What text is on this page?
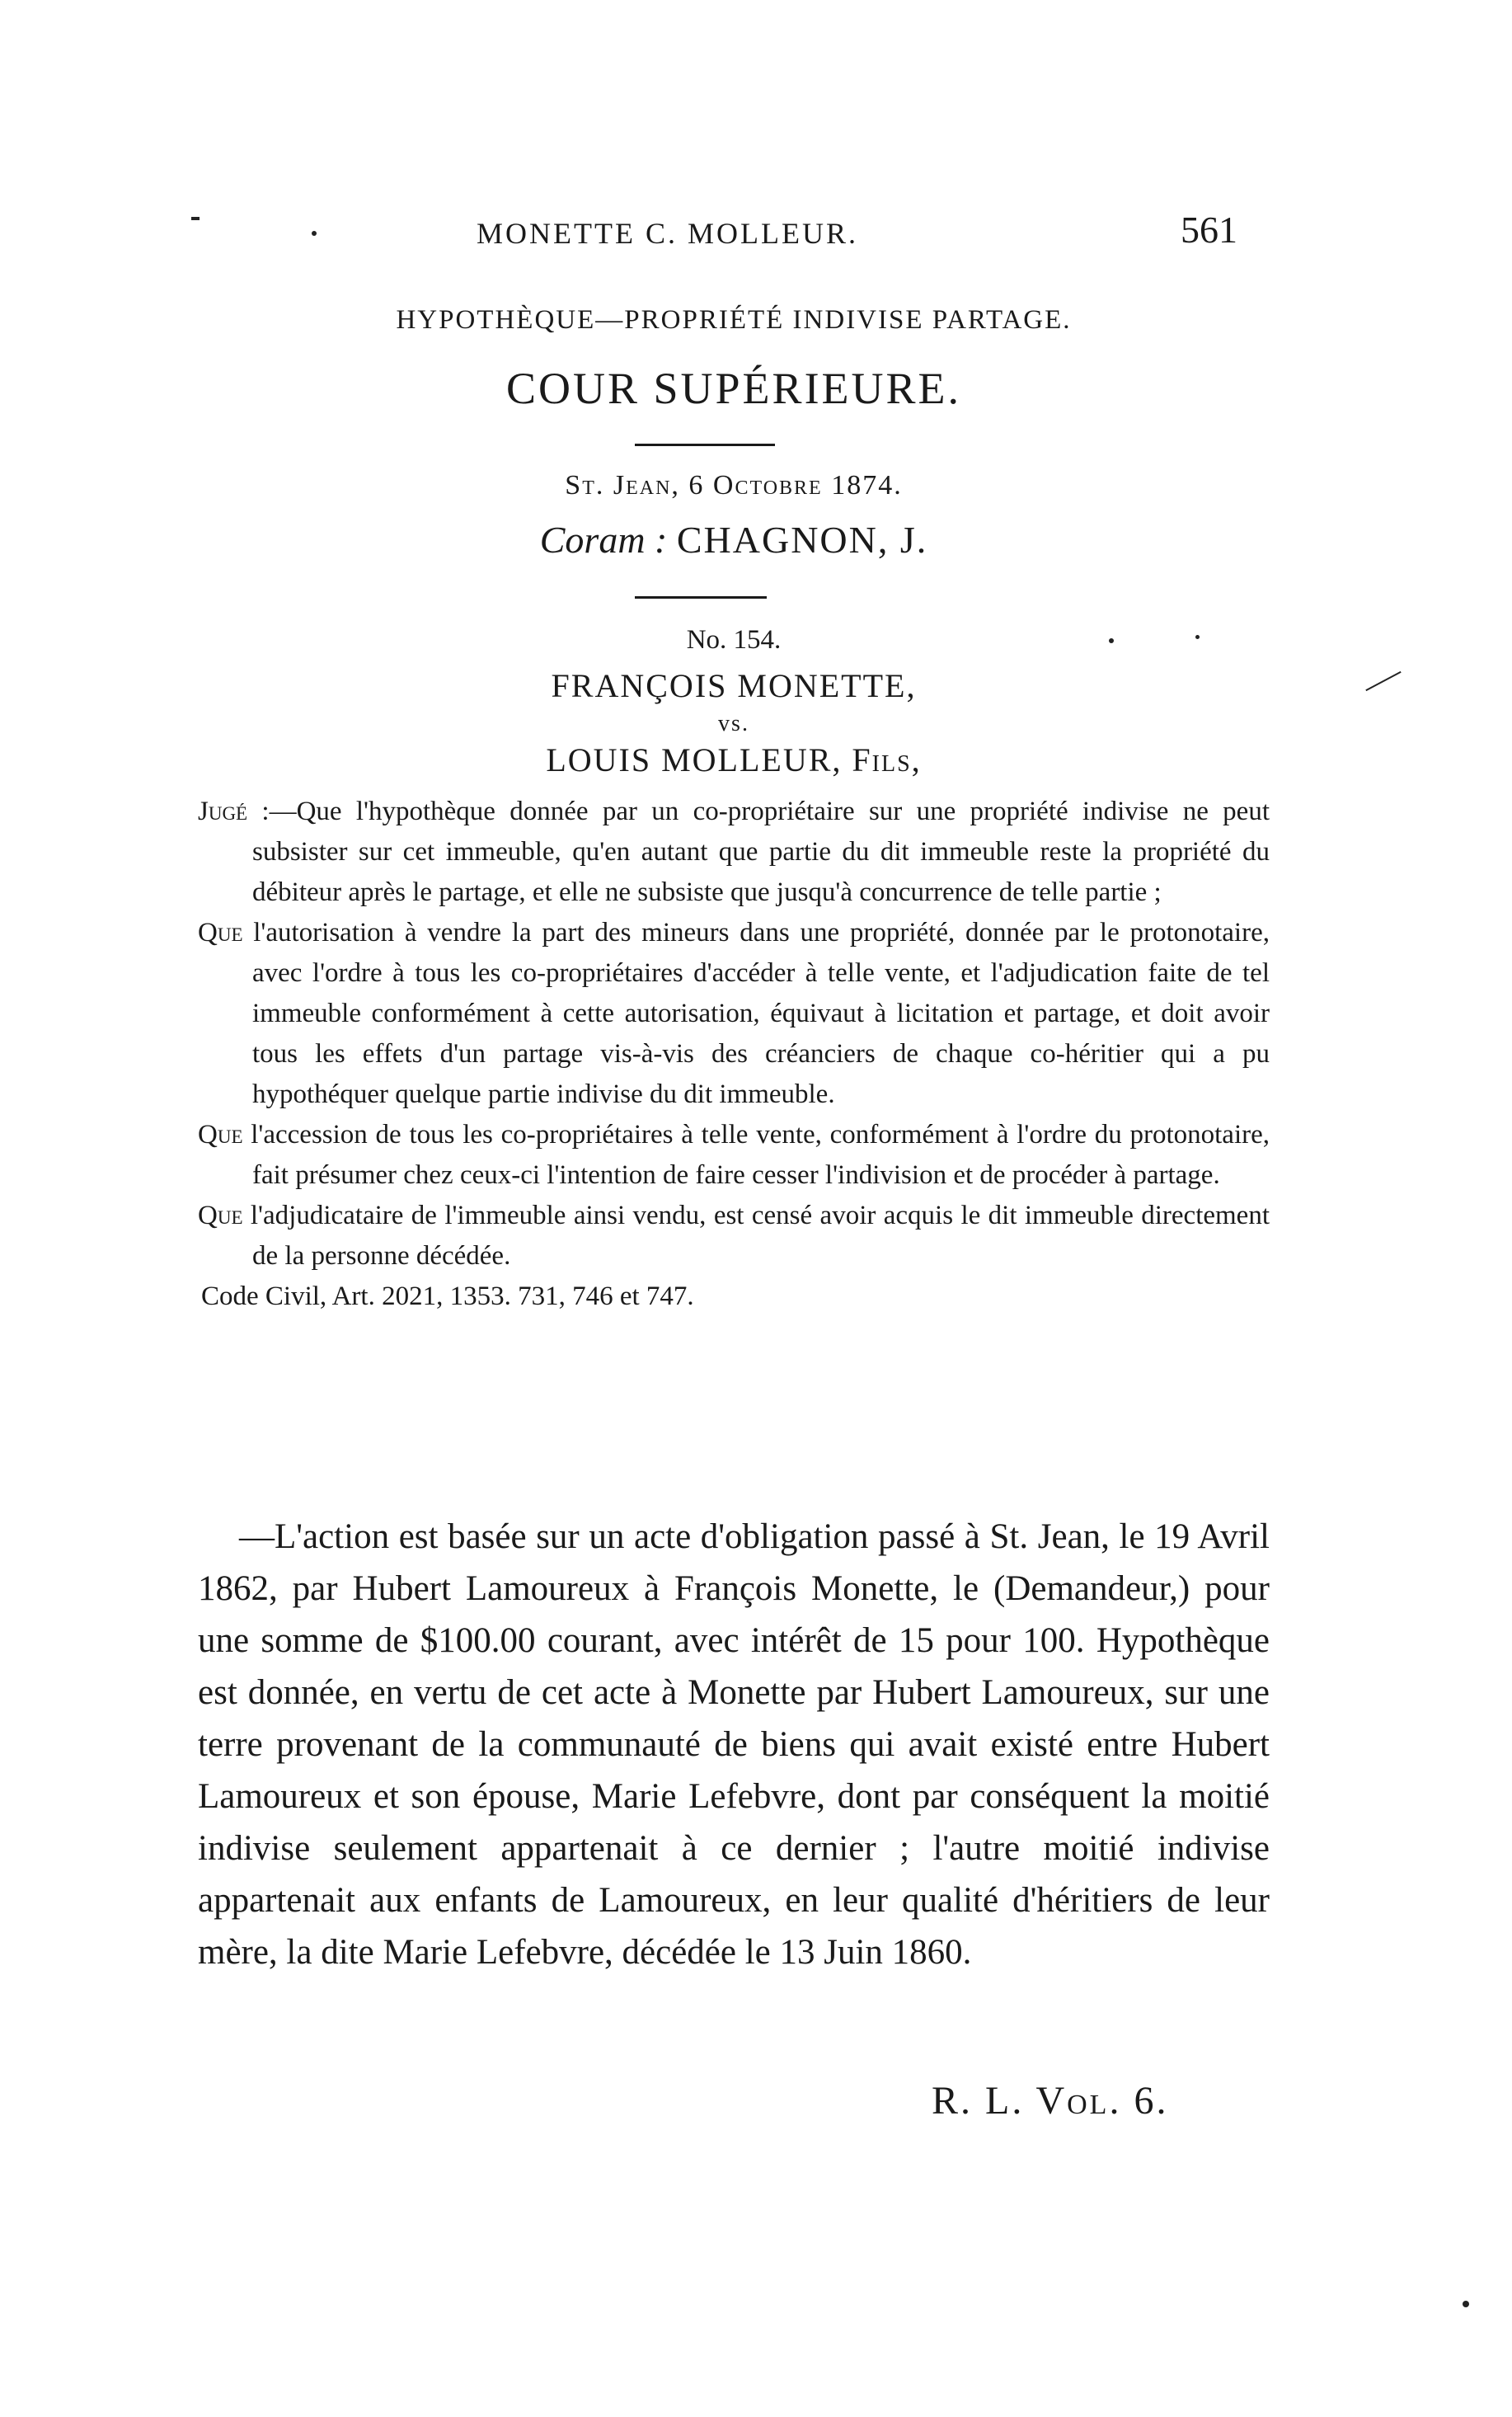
MONETTE C. MOLLEUR.	561
HYPOTHÈQUE—PROPRIÉTÉ INDIVISE PARTAGE.
COUR SUPÉRIEURE.
St. Jean, 6 Octobre 1874.
Coram : CHAGNON, J.
No. 154.
FRANÇOIS MONETTE,
vs.
LOUIS MOLLEUR, Fils,

Jugé :—Que l'hypothèque donnée par un co-propriétaire sur une propriété indivise ne peut subsister sur cet immeuble, qu'en autant que partie du dit immeuble reste la propriété du débiteur après le partage, et elle ne subsiste que jusqu'à concurrence de telle partie ;

Que l'autorisation à vendre la part des mineurs dans une propriété, donnée par le protonotaire, avec l'ordre à tous les co-propriétaires d'accéder à telle vente, et l'adjudication faite de tel immeuble conformément à cette autorisation, équivaut à licitation et partage, et doit avoir tous les effets d'un partage vis-à-vis des créanciers de chaque co-héritier qui a pu hypothéquer quelque partie indivise du dit immeuble.

Que l'accession de tous les co-propriétaires à telle vente, conformément à l'ordre du protonotaire, fait présumer chez ceux-ci l'intention de faire cesser l'indivision et de procéder à partage.

Que l'adjudicataire de l'immeuble ainsi vendu, est censé avoir acquis le dit immeuble directement de la personne décédée.

Code Civil, Art. 2021, 1353. 731, 746 et 747.

—L'action est basée sur un acte d'obligation passé à St. Jean, le 19 Avril 1862, par Hubert Lamoureux à François Monette, le (Demandeur,) pour une somme de $100.00 courant, avec intérêt de 15 pour 100. Hypothèque est donnée, en vertu de cet acte à Monette par Hubert Lamoureux, sur une terre provenant de la communauté de biens qui avait existé entre Hubert Lamoureux et son épouse, Marie Lefebvre, dont par conséquent la moitié indivise seulement appartenait à ce dernier ; l'autre moitié indivise appartenait aux enfants de Lamoureux, en leur qualité d'héritiers de leur mère, la dite Marie Lefebvre, décédée le 13 Juin 1860.

R. L. Vol. 6.
